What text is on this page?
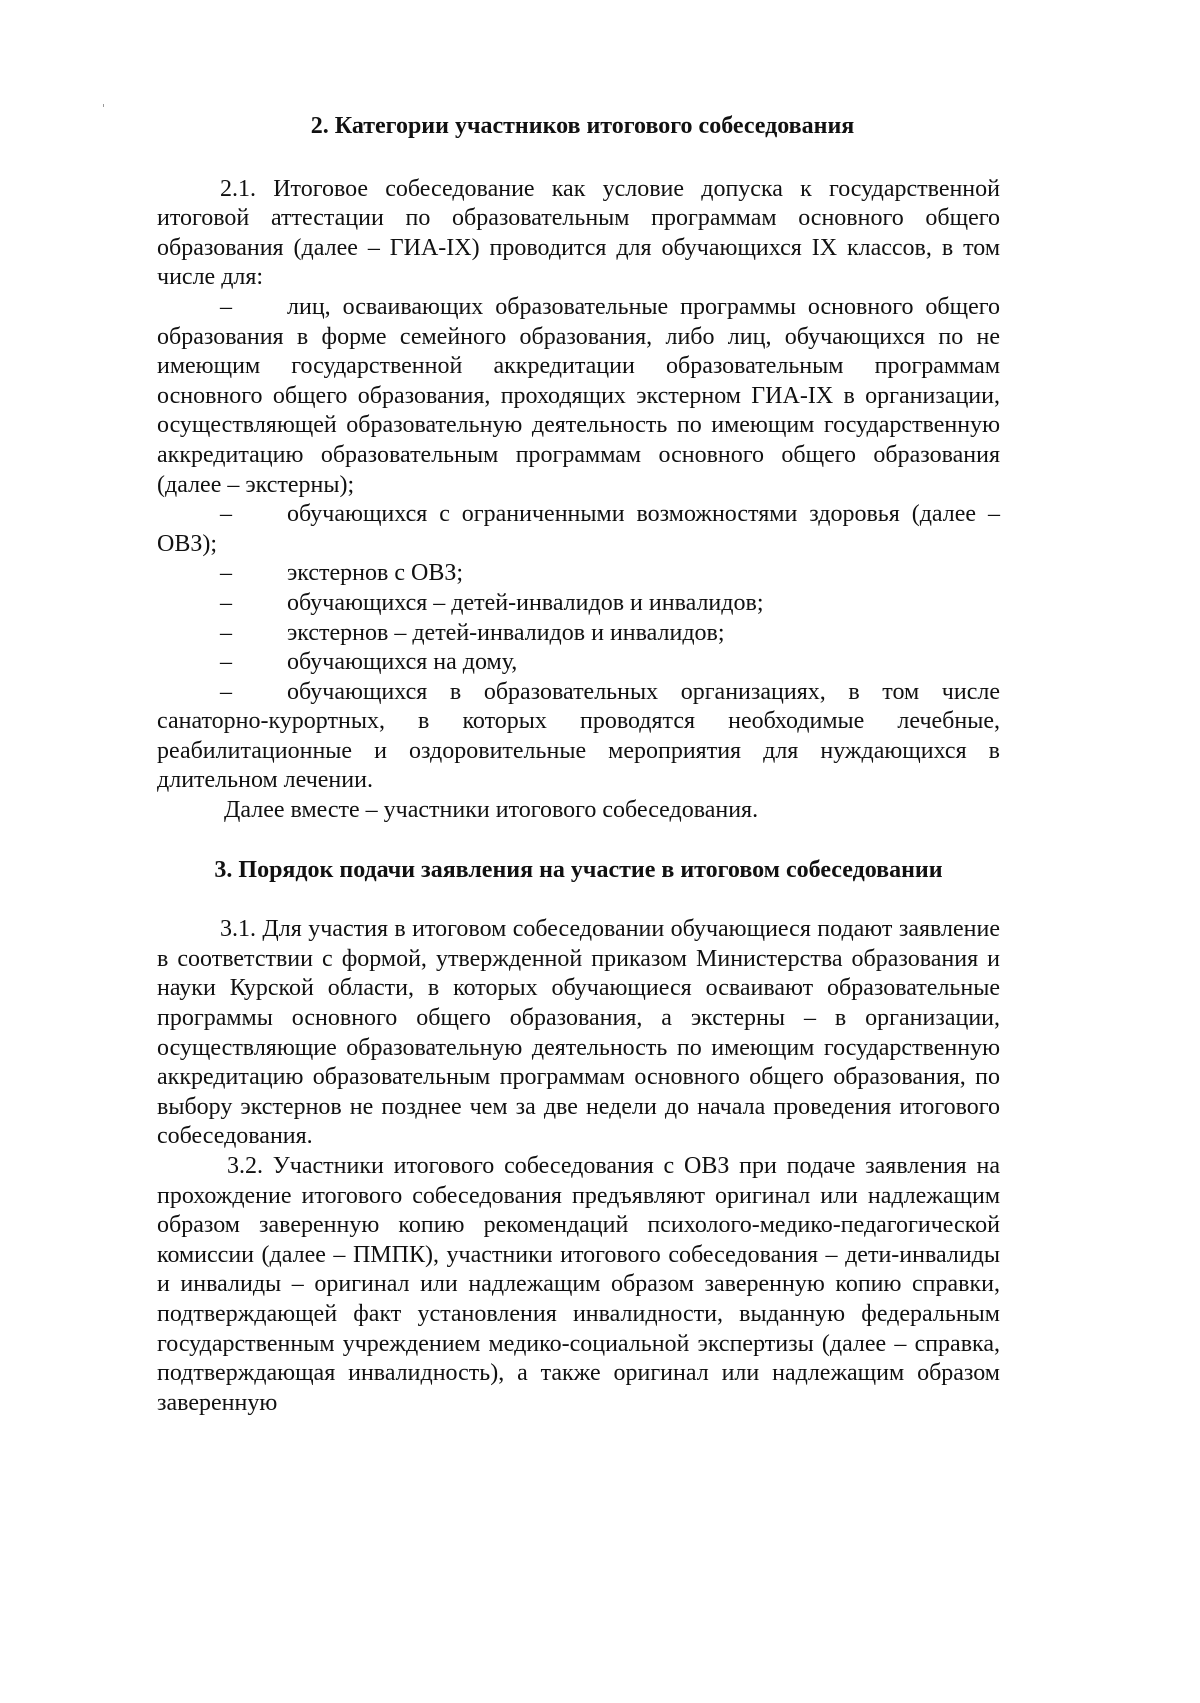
2. Категории участников итогового собеседования

2.1. Итоговое собеседование как условие допуска к государственной итоговой аттестации по образовательным программам основного общего образования (далее – ГИА-IX) проводится для обучающихся IX классов, в том числе для:

– лиц, осваивающих образовательные программы основного общего образования в форме семейного образования, либо лиц, обучающихся по не имеющим государственной аккредитации образовательным программам основного общего образования, проходящих экстерном ГИА-IX в организации, осуществляющей образовательную деятельность по имеющим государственную аккредитацию образовательным программам основного общего образования (далее – экстерны);
– обучающихся с ограниченными возможностями здоровья (далее – ОВЗ);
– экстернов с ОВЗ;
– обучающихся – детей-инвалидов и инвалидов;
– экстернов – детей-инвалидов и инвалидов;
– обучающихся на дому,
– обучающихся в образовательных организациях, в том числе санаторно-курортных, в которых проводятся необходимые лечебные, реабилитационные и оздоровительные мероприятия для нуждающихся в длительном лечении.

Далее вместе – участники итогового собеседования.

3. Порядок подачи заявления на участие в итоговом собеседовании

3.1. Для участия в итоговом собеседовании обучающиеся подают заявление в соответствии с формой, утвержденной приказом Министерства образования и науки Курской области, в которых обучающиеся осваивают образовательные программы основного общего образования, а экстерны – в организации, осуществляющие образовательную деятельность по имеющим государственную аккредитацию образовательным программам основного общего образования, по выбору экстернов не позднее чем за две недели до начала проведения итогового собеседования.

3.2. Участники итогового собеседования с ОВЗ при подаче заявления на прохождение итогового собеседования предъявляют оригинал или надлежащим образом заверенную копию рекомендаций психолого-медико-педагогической комиссии (далее – ПМПК), участники итогового собеседования – дети-инвалиды и инвалиды – оригинал или надлежащим образом заверенную копию справки, подтверждающей факт установления инвалидности, выданную федеральным государственным учреждением медико-социальной экспертизы (далее – справка, подтверждающая инвалидность), а также оригинал или надлежащим образом заверенную
